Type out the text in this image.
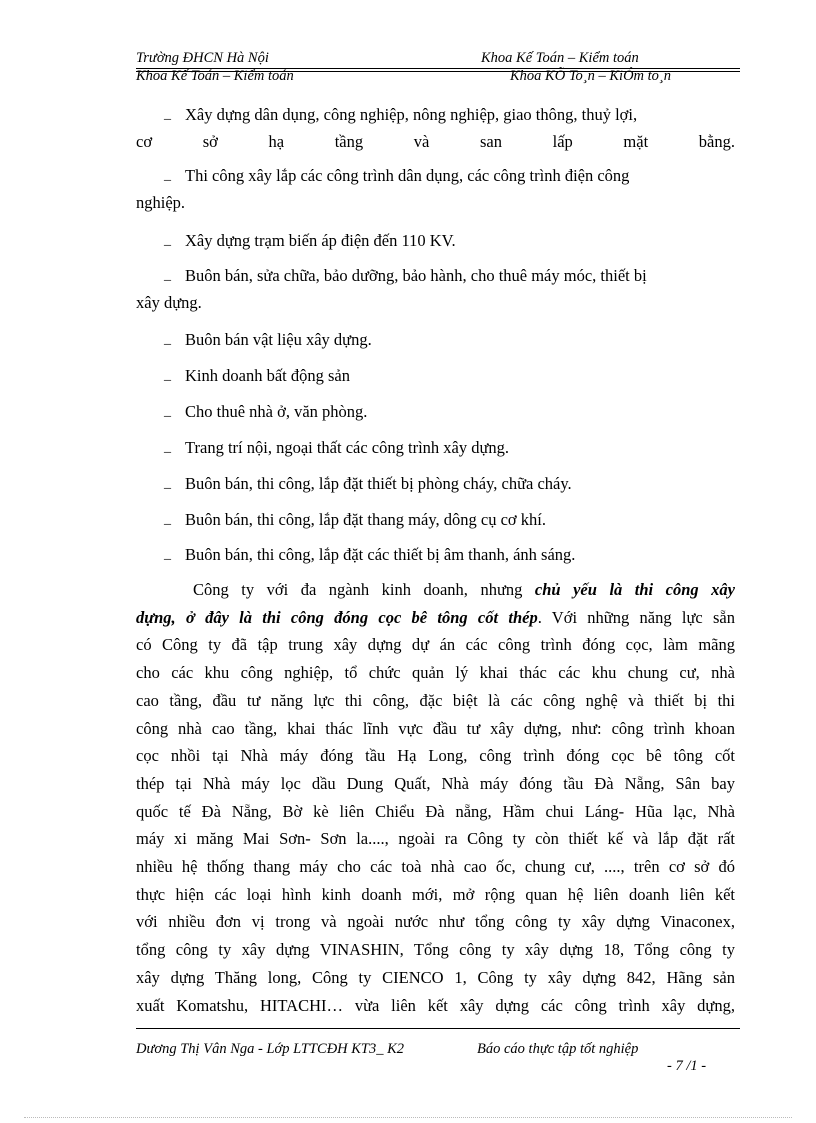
Trường ĐHCN Hà Nội	Khoa Kế Toán – Kiểm toán
Khoa Kế Toán – Kiểm toán	Khoa KÕ To¸n – KiÓm to¸n
_ Xây dựng dân dụng, công nghiệp, nông nghiệp, giao thông, thuỷ lợi,
cơ sở hạ tầng và san lấp mặt bằng.
_ Thi công xây lắp các công trình dân dụng, các công trình điện công
nghiệp.
_ Xây dựng trạm biến áp điện đến 110 KV.
_ Buôn bán, sửa chữa, bảo dưỡng, bảo hành, cho thuê máy móc, thiết bị
xây dựng.
_ Buôn bán vật liệu xây dựng.
_ Kinh doanh bất động sản
_ Cho thuê nhà ở, văn phòng.
_ Trang trí nội, ngoại thất các công trình xây dựng.
_ Buôn bán, thi công, lắp đặt thiết bị phòng cháy, chữa cháy.
_ Buôn bán, thi công, lắp đặt thang máy, dông cụ cơ khí.
_ Buôn bán, thi công, lắp đặt các thiết bị âm thanh, ánh sáng.
Công ty với đa ngành kinh doanh, nhưng chủ yếu là thi công xây
dựng, ở đây là thi công đóng cọc bê tông cốt thép. Với những năng lực sẵn
có Công ty đã tập trung xây dựng dự án các công trình đóng cọc, làm mãng
cho các khu công nghiệp, tổ chức quản lý khai thác các khu chung cư, nhà
cao tầng, đầu tư năng lực thi công, đặc biệt là các công nghệ và thiết bị thi
công nhà cao tầng, khai thác lĩnh vực đầu tư xây dựng, như: công trình khoan
cọc nhồi tại Nhà máy đóng tầu Hạ Long, công trình đóng cọc bê tông cốt
thép tại Nhà máy lọc dầu Dung Quất, Nhà máy đóng tầu Đà Nẵng, Sân bay
quốc tế Đà Nẵng, Bờ kè liên Chiểu Đà nẵng, Hầm chui Láng- Hũa lạc, Nhà
máy xi măng Mai Sơn- Sơn la...., ngoài ra Công ty còn thiết kế và lắp đặt rất
nhiều hệ thống thang máy cho các toà nhà cao ốc, chung cư, ...., trên cơ sở đó
thực hiện các loại hình kinh doanh mới, mở rộng quan hệ liên doanh liên kết
với nhiều đơn vị trong và ngoài nước như tổng công ty xây dựng Vinaconex,
tổng công ty xây dựng VINASHIN, Tổng công ty xây dựng 18, Tổng công ty
xây dựng Thăng long, Công ty CIENCO 1, Công ty xây dựng 842, Hãng sản
xuất Komatshu, HITACHI… vừa liên kết xây dựng các công trình xây dựng,
Dương Thị Vân Nga - Lớp LTTCĐH KT3_ K2	Báo cáo thực tập tốt nghiệp
- 7 /1 -
